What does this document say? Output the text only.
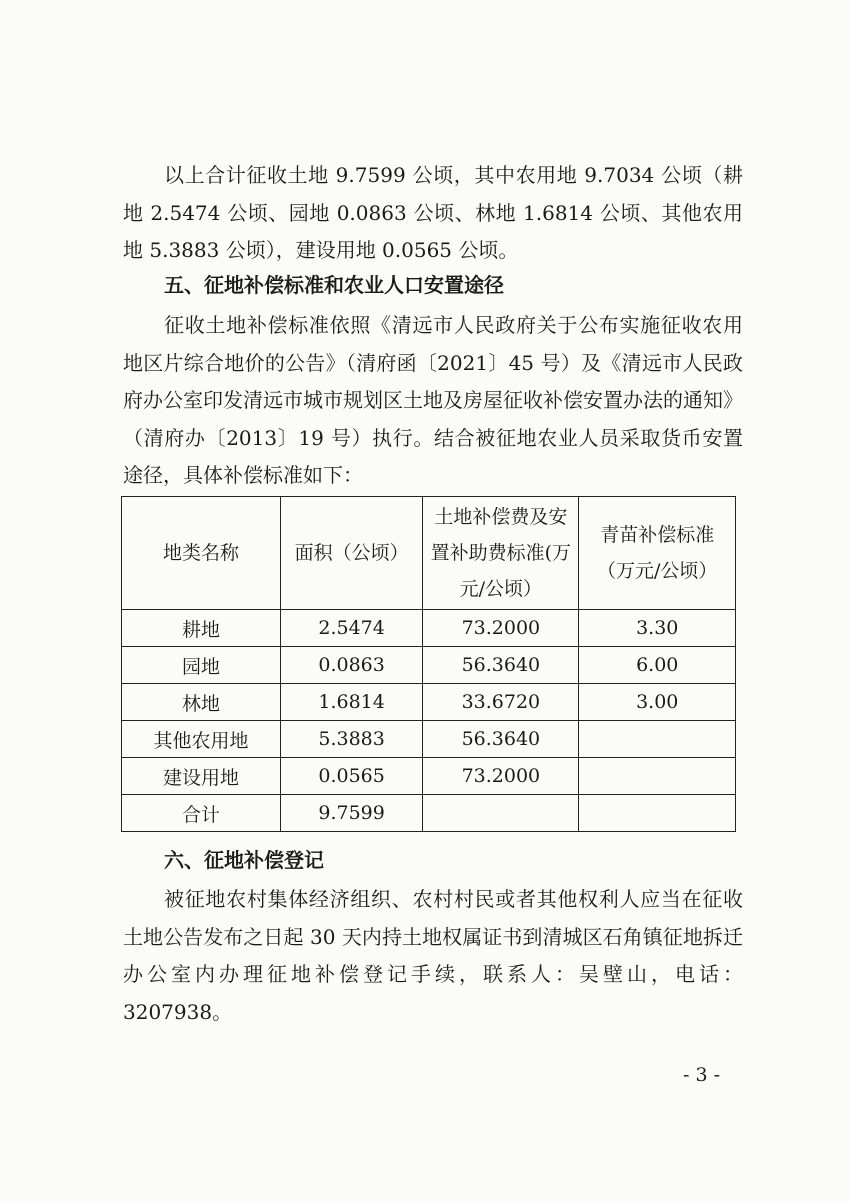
以上合计征收土地 9.7599 公顷，其中农用地 9.7034 公顷（耕地 2.5474 公顷、园地 0.0863 公顷、林地 1.6814 公顷、其他农用地 5.3883 公顷），建设用地 0.0565 公顷。

五、征地补偿标准和农业人口安置途径

征收土地补偿标准依照《清远市人民政府关于公布实施征收农用地区片综合地价的公告》（清府函〔2021〕45 号）及《清远市人民政府办公室印发清远市城市规划区土地及房屋征收补偿安置办法的通知》（清府办〔2013〕19 号）执行。结合被征地农业人员采取货币安置途径，具体补偿标准如下：

地类名称	面积（公顷）	土地补偿费及安置补助费标准(万元/公顷）	青苗补偿标准（万元/公顷）
耕地	2.5474	73.2000	3.30
园地	0.0863	56.3640	6.00
林地	1.6814	33.6720	3.00
其他农用地	5.3883	56.3640	
建设用地	0.0565	73.2000	
合计	9.7599		

六、征地补偿登记

被征地农村集体经济组织、农村村民或者其他权利人应当在征收土地公告发布之日起 30 天内持土地权属证书到清城区石角镇征地拆迁办公室内办理征地补偿登记手续，联系人：吴壁山，电话：3207938。

- 3 -
